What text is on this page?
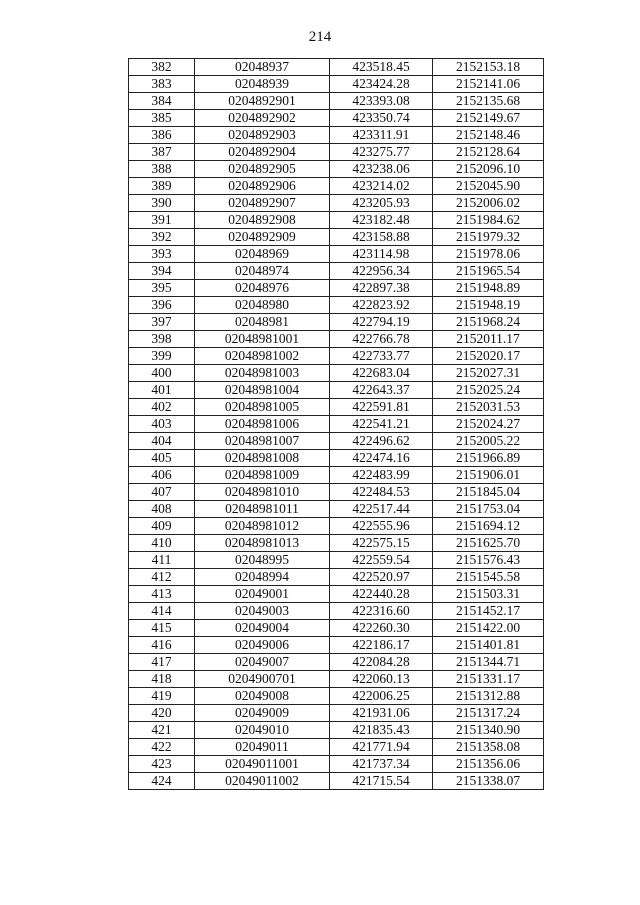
214
382	02048937	423518.45	2152153.18
383	02048939	423424.28	2152141.06
384	0204892901	423393.08	2152135.68
385	0204892902	423350.74	2152149.67
386	0204892903	423311.91	2152148.46
387	0204892904	423275.77	2152128.64
388	0204892905	423238.06	2152096.10
389	0204892906	423214.02	2152045.90
390	0204892907	423205.93	2152006.02
391	0204892908	423182.48	2151984.62
392	0204892909	423158.88	2151979.32
393	02048969	423114.98	2151978.06
394	02048974	422956.34	2151965.54
395	02048976	422897.38	2151948.89
396	02048980	422823.92	2151948.19
397	02048981	422794.19	2151968.24
398	02048981001	422766.78	2152011.17
399	02048981002	422733.77	2152020.17
400	02048981003	422683.04	2152027.31
401	02048981004	422643.37	2152025.24
402	02048981005	422591.81	2152031.53
403	02048981006	422541.21	2152024.27
404	02048981007	422496.62	2152005.22
405	02048981008	422474.16	2151966.89
406	02048981009	422483.99	2151906.01
407	02048981010	422484.53	2151845.04
408	02048981011	422517.44	2151753.04
409	02048981012	422555.96	2151694.12
410	02048981013	422575.15	2151625.70
411	02048995	422559.54	2151576.43
412	02048994	422520.97	2151545.58
413	02049001	422440.28	2151503.31
414	02049003	422316.60	2151452.17
415	02049004	422260.30	2151422.00
416	02049006	422186.17	2151401.81
417	02049007	422084.28	2151344.71
418	0204900701	422060.13	2151331.17
419	02049008	422006.25	2151312.88
420	02049009	421931.06	2151317.24
421	02049010	421835.43	2151340.90
422	02049011	421771.94	2151358.08
423	02049011001	421737.34	2151356.06
424	02049011002	421715.54	2151338.07
